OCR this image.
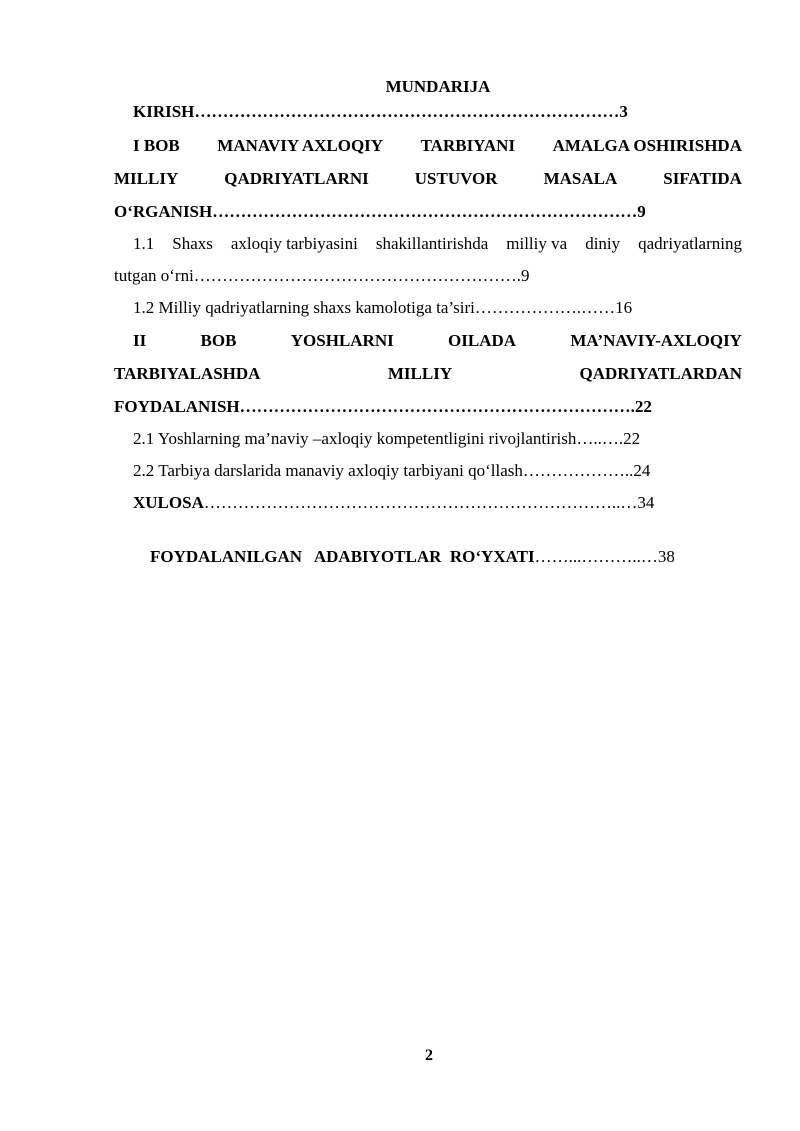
MUNDARIJA
KIRISH…………………………………………………………………3
I BOB MANAVIY AXLOQIY TARBIYANI AMALGA OSHIRISHDA
MILLIY	QADRIYATLARNI	USTUVOR	MASALA	SIFATIDA
O‘RGANISH…………………………………………………………………9
1.1 Shaxs axloqiy tarbiyasini shakillantirishda milliy va diniy qadriyatlarning
tutgan o‘rni………………………………………………….9
1.2 Milliy qadriyatlarning shaxs kamolotiga ta’siri……………….……16
II	BOB	YOSHLARNI	OILADA	MA’NAVIY-AXLOQIY
TARBIYALASHDA	MILLIY	QADRIYATLARDAN
FOYDALANISH…………………………………………………………….22
2.1 Yoshlarning ma’naviy –axloqiy kompetentligini rivojlantirish…..….22
2.2 Tarbiya darslarida manaviy axloqiy tarbiyani qo‘llash………………..24
XULOSA………………………………………………………………..…34

FOYDALANILGAN   ADABIYOTLAR  RO‘YXATI……...………..…38

2
